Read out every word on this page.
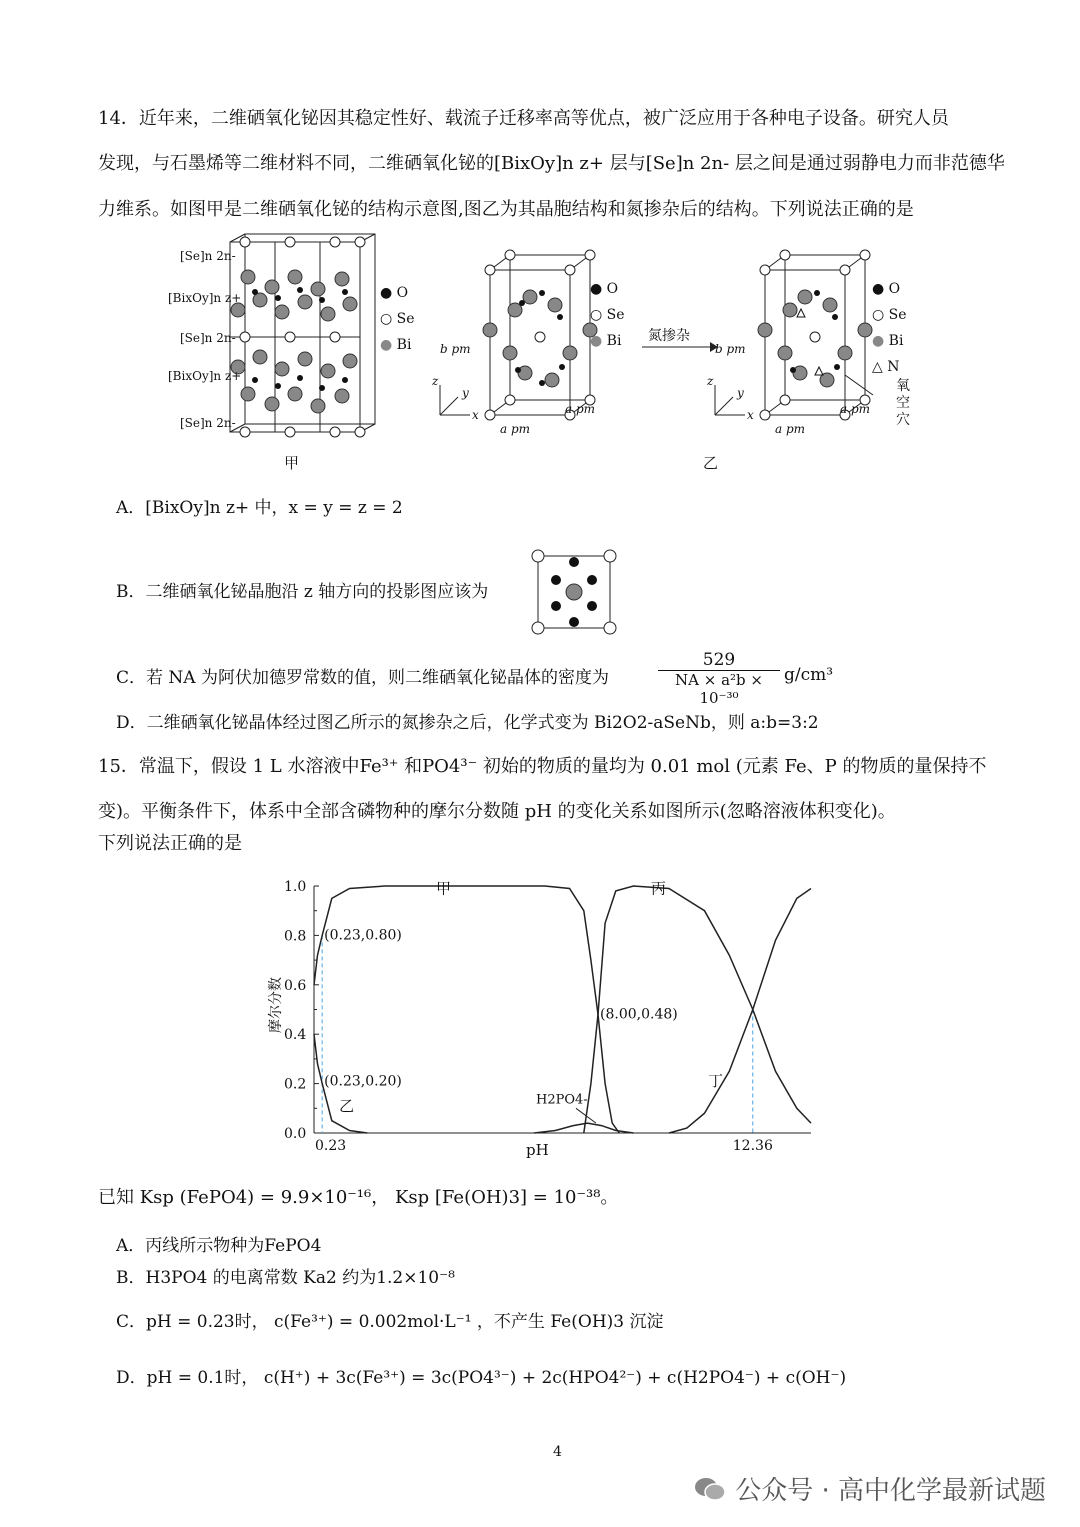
14．近年来，二维硒氧化铋因其稳定性好、载流子迁移率高等优点，被广泛应用于各种电子设备。研究人员
发现，与石墨烯等二维材料不同，二维硒氧化铋的[BixOy]n z+ 层与[Se]n 2n- 层之间是通过弱静电力而非范德华
力维系。如图甲是二维硒氧化铋的结构示意图,图乙为其晶胞结构和氮掺杂后的结构。下列说法正确的是
[Se]n 2n-
[BixOy]n z+
[Se]n 2n-
[BixOy]n z+
[Se]n 2n-
● O
○ Se
● Bi
甲
z
y
x
b pm
a pm
a pm
● O
○ Se
● Bi 氮掺杂
z
y
x
b pm
a pm
a pm
● O
○ Se
● Bi
△ N
氧空穴
乙
A．[BixOy]n z+ 中，x = y = z = 2
B．二维硒氧化铋晶胞沿 z 轴方向的投影图应该为
C．若 NA 为阿伏加德罗常数的值，则二维硒氧化铋晶体的密度为	$\frac{529}{\text{NA × a²b × 10⁻³⁰}} g/cm^3$
D．二维硒氧化铋晶体经过图乙所示的氮掺杂之后，化学式变为 Bi2O2-aSeNb，则 a:b=3:2
15．常温下，假设 1 L 水溶液中Fe³⁺ 和PO4³⁻ 初始的物质的量均为 0.01 mol (元素 Fe、P 的物质的量保持不
变)。平衡条件下，体系中全部含磷物种的摩尔分数随 pH 的变化关系如图所示(忽略溶液体积变化)。
下列说法正确的是
0.0
0.2
0.4
0.6
0.8
1.0
0.23	12.36
pH
摩尔分数
(0.23,0.80)
(0.23,0.20)
(8.00,0.48)
甲
乙
丙
丁
H2PO4-
已知 Ksp (FePO4) = 9.9×10⁻¹⁶， Ksp [Fe(OH)3] = 10⁻³⁸。
A．丙线所示物种为FePO4
B．H3PO4 的电离常数 Ka2 约为1.2×10⁻⁸
C．pH = 0.23时， c(Fe³⁺) = 0.002mol·L⁻¹ ，不产生 Fe(OH)3 沉淀
D．pH = 0.1时， c(H⁺) + 3c(Fe³⁺) = 3c(PO4³⁻) + 2c(HPO4²⁻) + c(H2PO4⁻) + c(OH⁻)
4
公众号 · 高中化学最新试题
